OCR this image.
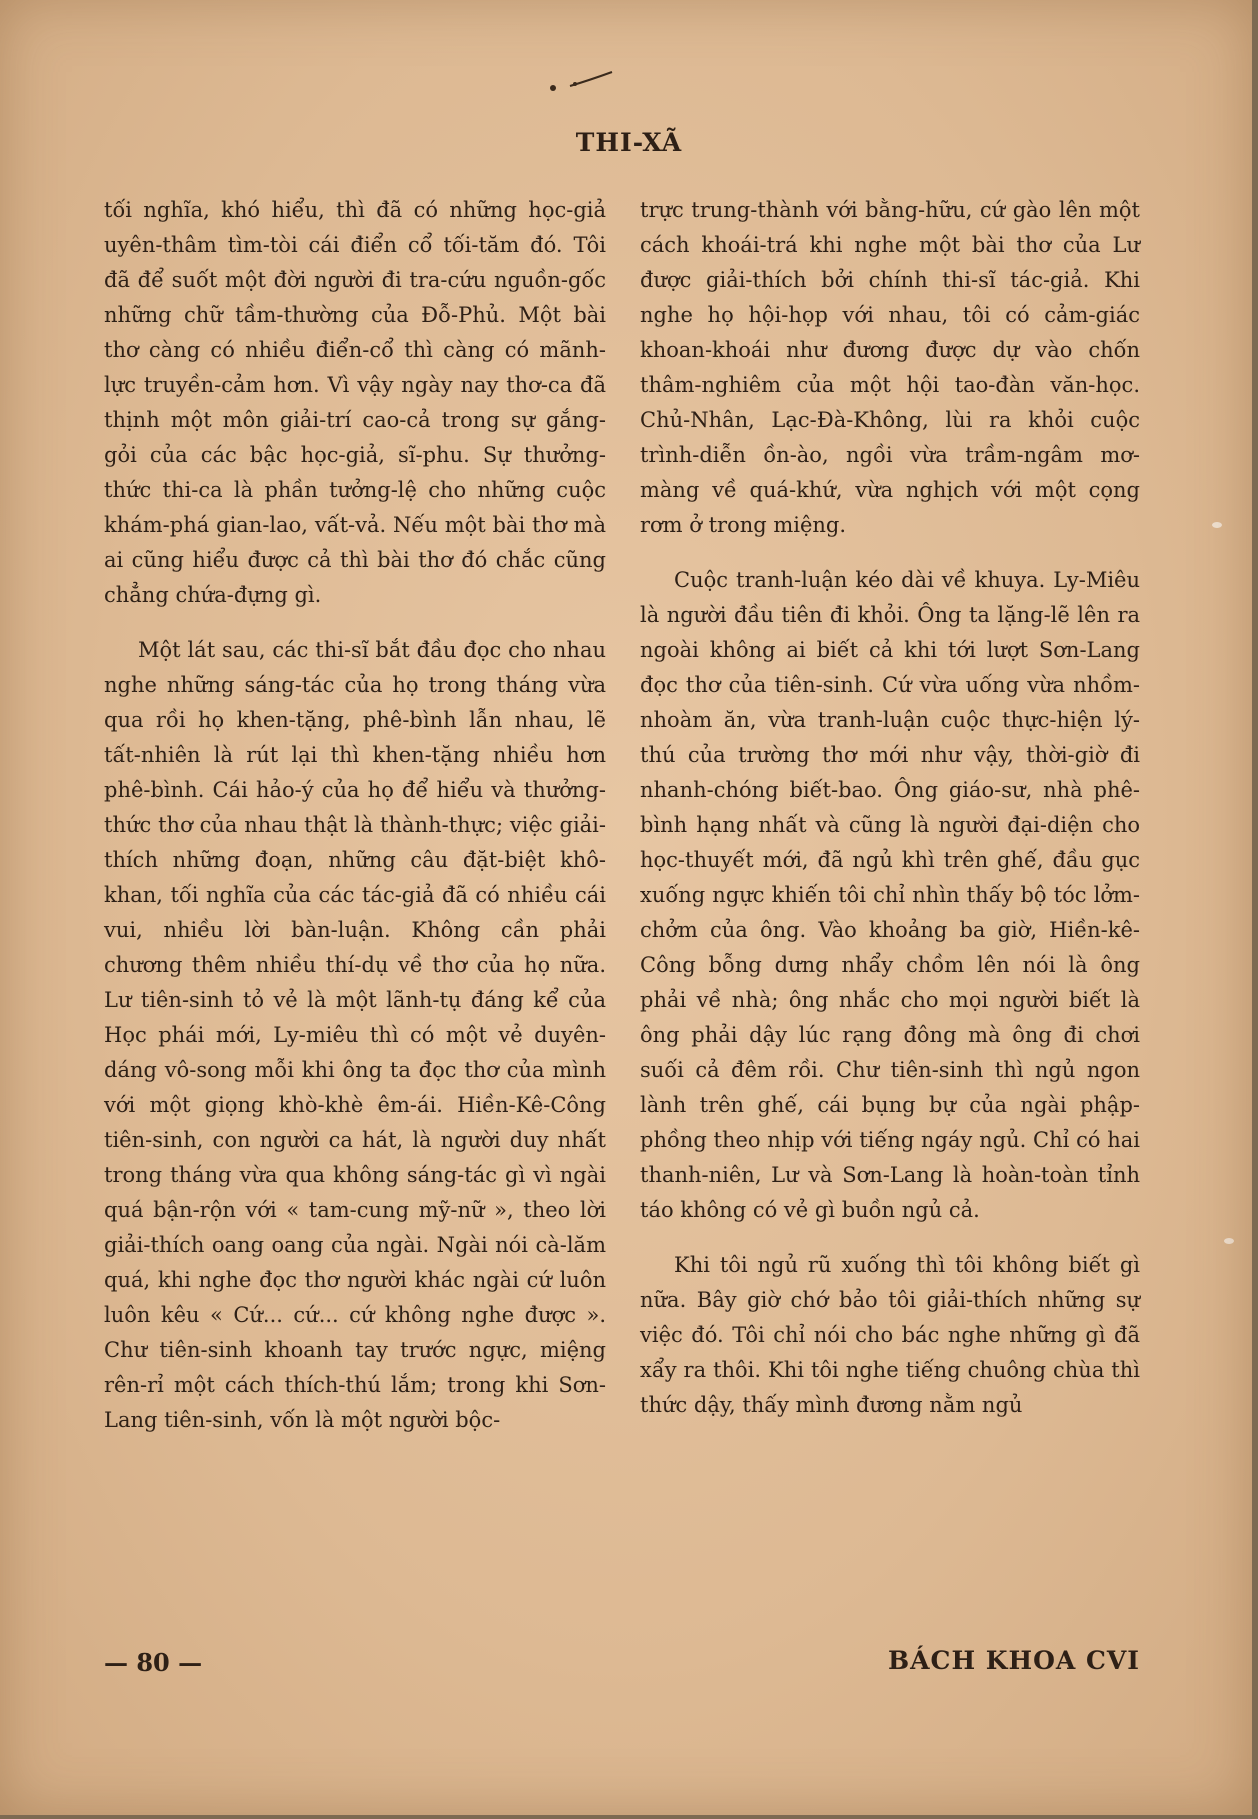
THI-XÃ

tối nghĩa, khó hiểu, thì đã có những học-giả uyên-thâm tìm-tòi cái điển cổ tối-tăm đó. Tôi đã để suốt một đời người đi tra-cứu nguồn-gốc những chữ tầm-thường của Đỗ-Phủ. Một bài thơ càng có nhiều điển-cổ thì càng có mãnh-lực truyền-cảm hơn. Vì vậy ngày nay thơ-ca đã thịnh một môn giải-trí cao-cả trong sự gắng-gỏi của các bậc học-giả, sĩ-phu. Sự thưởng-thức thi-ca là phần tưởng-lệ cho những cuộc khám-phá gian-lao, vất-vả. Nếu một bài thơ mà ai cũng hiểu được cả thì bài thơ đó chắc cũng chẳng chứa-đựng gì.

Một lát sau, các thi-sĩ bắt đầu đọc cho nhau nghe những sáng-tác của họ trong tháng vừa qua rồi họ khen-tặng, phê-bình lẫn nhau, lẽ tất-nhiên là rút lại thì khen-tặng nhiều hơn phê-bình. Cái hảo-ý của họ để hiểu và thưởng-thức thơ của nhau thật là thành-thực; việc giải-thích những đoạn, những câu đặt-biệt khô-khan, tối nghĩa của các tác-giả đã có nhiều cái vui, nhiều lời bàn-luận. Không cần phải chương thêm nhiều thí-dụ về thơ của họ nữa. Lư tiên-sinh tỏ vẻ là một lãnh-tụ đáng kể của Học phái mới, Ly-miêu thì có một vẻ duyên-dáng vô-song mỗi khi ông ta đọc thơ của mình với một giọng khò-khè êm-ái. Hiền-Kê-Công tiên-sinh, con người ca hát, là người duy nhất trong tháng vừa qua không sáng-tác gì vì ngài quá bận-rộn với « tam-cung mỹ-nữ », theo lời giải-thích oang oang của ngài. Ngài nói cà-lăm quá, khi nghe đọc thơ người khác ngài cứ luôn luôn kêu « Cứ... cứ... cứ không nghe được ». Chư tiên-sinh khoanh tay trước ngực, miệng rên-rỉ một cách thích-thú lắm; trong khi Sơn-Lang tiên-sinh, vốn là một người bộc-

trực trung-thành với bằng-hữu, cứ gào lên một cách khoái-trá khi nghe một bài thơ của Lư được giải-thích bởi chính thi-sĩ tác-giả. Khi nghe họ hội-họp với nhau, tôi có cảm-giác khoan-khoái như đương được dự vào chốn thâm-nghiêm của một hội tao-đàn văn-học. Chủ-Nhân, Lạc-Đà-Không, lùi ra khỏi cuộc trình-diễn ồn-ào, ngồi vừa trầm-ngâm mơ-màng về quá-khứ, vừa nghịch với một cọng rơm ở trong miệng.

Cuộc tranh-luận kéo dài về khuya. Ly-Miêu là người đầu tiên đi khỏi. Ông ta lặng-lẽ lên ra ngoài không ai biết cả khi tới lượt Sơn-Lang đọc thơ của tiên-sinh. Cứ vừa uống vừa nhồm-nhoàm ăn, vừa tranh-luận cuộc thực-hiện lý-thú của trường thơ mới như vậy, thời-giờ đi nhanh-chóng biết-bao. Ông giáo-sư, nhà phê-bình hạng nhất và cũng là người đại-diện cho học-thuyết mới, đã ngủ khì trên ghế, đầu gục xuống ngực khiến tôi chỉ nhìn thấy bộ tóc lởm-chởm của ông. Vào khoảng ba giờ, Hiền-kê-Công bỗng dưng nhẩy chồm lên nói là ông phải về nhà; ông nhắc cho mọi người biết là ông phải dậy lúc rạng đông mà ông đi chơi suối cả đêm rồi. Chư tiên-sinh thì ngủ ngon lành trên ghế, cái bụng bự của ngài phập-phồng theo nhịp với tiếng ngáy ngủ. Chỉ có hai thanh-niên, Lư và Sơn-Lang là hoàn-toàn tỉnh táo không có vẻ gì buồn ngủ cả.

Khi tôi ngủ rũ xuống thì tôi không biết gì nữa. Bây giờ chớ bảo tôi giải-thích những sự việc đó. Tôi chỉ nói cho bác nghe những gì đã xẩy ra thôi. Khi tôi nghe tiếng chuông chùa thì thức dậy, thấy mình đương nằm ngủ

— 80 —	BÁCH KHOA CVI
